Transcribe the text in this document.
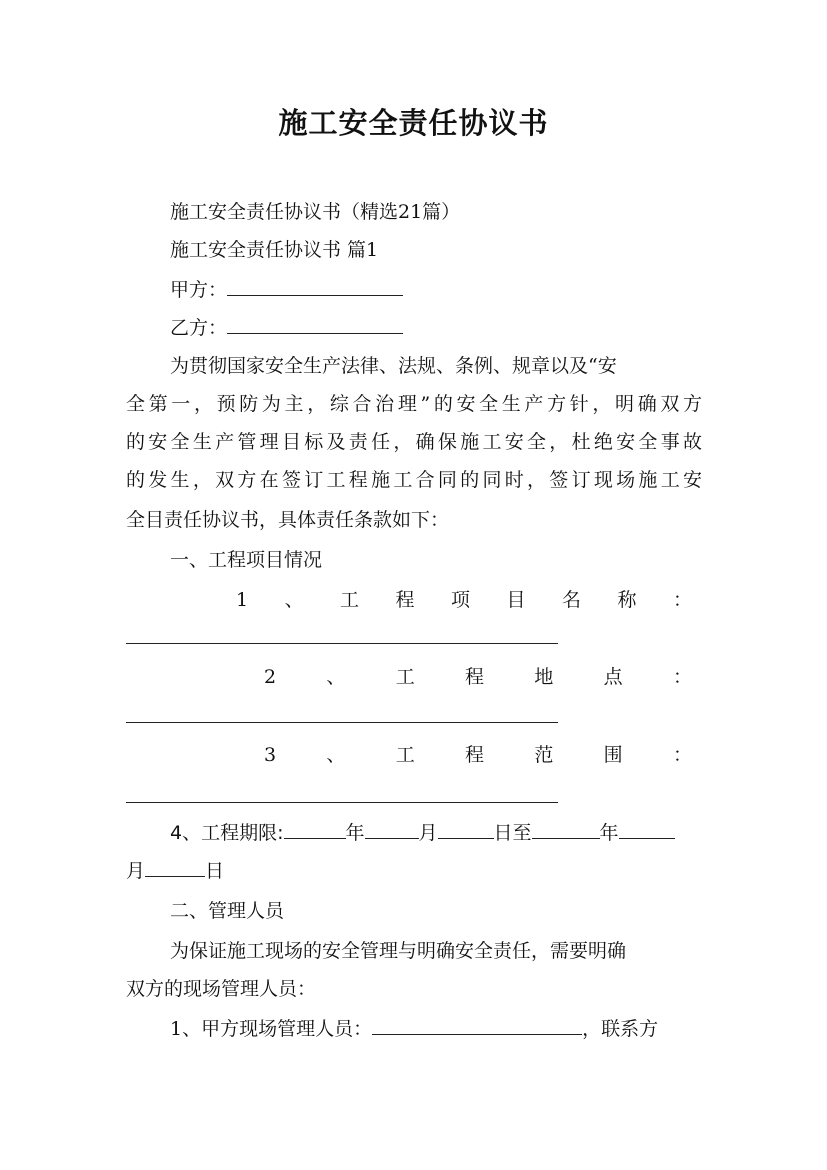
施工安全责任协议书
施工安全责任协议书（精选21篇）
施工安全责任协议书 篇1
甲方：
乙方：
为贯彻国家安全生产法律、法规、条例、规章以及“安
全第一，预防为主，综合治理”的安全生产方针，明确双方
的安全生产管理目标及责任，确保施工安全，杜绝安全事故
的发生，双方在签订工程施工合同的同时，签订现场施工安
全目责任协议书，具体责任条款如下：
一、工程项目情况
1 、 工 程 项 目 名 称 ：
2	、	工	程	地	点	：
3	、	工	程	范	围	：
4、工程期限:	年	月	日至	年
月	日
二、管理人员
为保证施工现场的安全管理与明确安全责任，需要明确
双方的现场管理人员：
1、甲方现场管理人员：	，联系方
